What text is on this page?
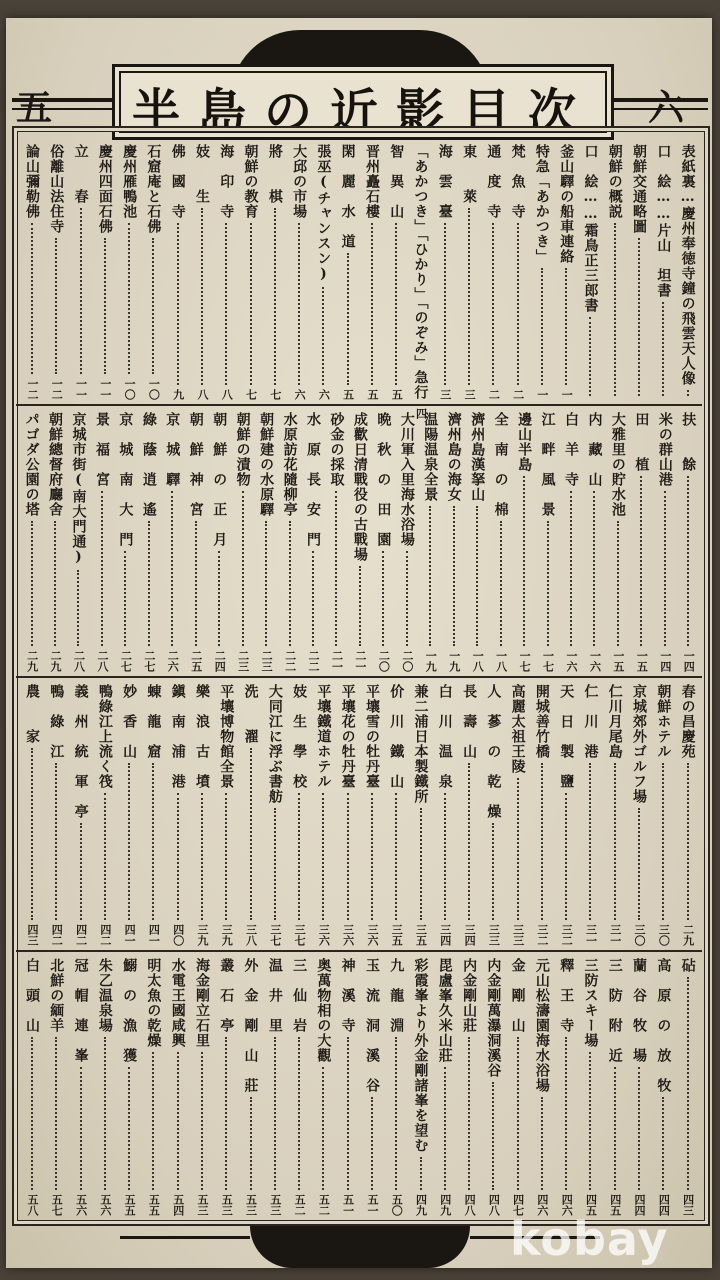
五	六
半島の近影目次
表紙裏…慶州奉徳寺鐘の飛雲天人像
口　絵……片山　坦書
朝鮮交通略圖
朝鮮の概説
口　絵……霜鳥正三郎書
釜山驛の船車連絡
一
特急「あかつき」
一
梵　魚　寺
二
通　度　寺
二
東　　萊
三
海　雲　臺
三
「あかつき」「ひかり」「のぞみ」急行
四
智　異　山
五
晋州矗石樓
五
閑　麗　水　道
五
張巫(チャンスン)
六
大邱の市場
六
將　　棋
七
朝鮮の教育
七
海　印　寺
八
妓　　生
八
佛　國　寺
九
石窟庵と石佛
一〇
慶州雁鴨池
一〇
慶州四面石佛
一一
立　　春
一一
俗離山法住寺
一二
論山彌勒佛
一二
扶　　餘
一四
米の群山港
一四
田　　植
一五
大雅里の貯水池
一五
内　藏　山
一六
白　羊　寺
一六
江　畔　風　景
一七
邊山半島
一七
全　南　の　棉
一八
濟州島漢拏山
一八
濟州島の海女
一九
温陽温泉全景
一九
大川軍入里海水浴場
二〇
晩　秋　の　田　園
二〇
成歡日清戰役の古戰場
二一
砂金の採取
二一
水　原　長　安　門
二二
水原訪花隨柳亭
二二
朝鮮建の水原驛
二三
朝鮮の漬物
二三
朝　鮮　の　正　月
二四
朝　鮮　神　宮
二五
京　城　驛
二六
綠　蔭　逍　遙
二七
京　城　南　大　門
二七
景　福　宮
二八
京城市街(南大門通)
二八
朝鮮總督府廳舍
二九
パゴダ公園の塔
二九
春の昌慶苑
二九
朝鮮ホテル
三〇
京城郊外ゴルフ場
三〇
仁川月尾島
三一
仁　川　港
三一
天　日　製　鹽
三二
開城善竹橋
三二
高麗太祖王陵
三三
人　蔘　の　乾　燥
三三
長　壽　山
三四
白　川　温　泉
三四
兼二浦日本製鐵所
三五
价　川　鐵　山
三五
平壤雪の牡丹臺
三六
平壤花の牡丹臺
三六
平壤鐵道ホテル
三六
妓　生　學　校
三七
大同江に浮ぶ書舫
三七
洗　　濯
三八
平壤博物館全景
三九
樂　浪　古　墳
三九
鎭　南　浦　港
四〇
蝀　龍　窟
四一
妙　香　山
四一
鴨綠江上流く筏
四二
義　州　統　軍　亭
四二
鴨　綠　江
四二
農　　家
四三
砧
四三
高　原　の　放　牧
四四
蘭　谷　牧　場
四四
三　防　附　近
四五
三防スキー場
四五
釋　王　寺
四六
元山松濤園海水浴場
四六
金　剛　山
四七
内金剛萬瀑洞溪谷
四八
内金剛山莊
四八
毘盧峯久米山莊
四九
彩霞峯より外金剛諸峯を望む
四九
九　龍　淵
五〇
玉　流　洞　溪　谷
五一
神　溪　寺
五一
奥萬物相の大觀
五二
三　仙　岩
五二
温　井　里
五三
外　金　剛　山　莊
五三
叢　石　亭
五三
海金剛立石里
五三
水電王國咸興
五四
明太魚の乾燥
五五
鰯　の　漁　獲
五五
朱乙温泉場
五六
冠　帽　連　峯
五六
北鮮の緬羊
五七
白　頭　山
五八
kobay
